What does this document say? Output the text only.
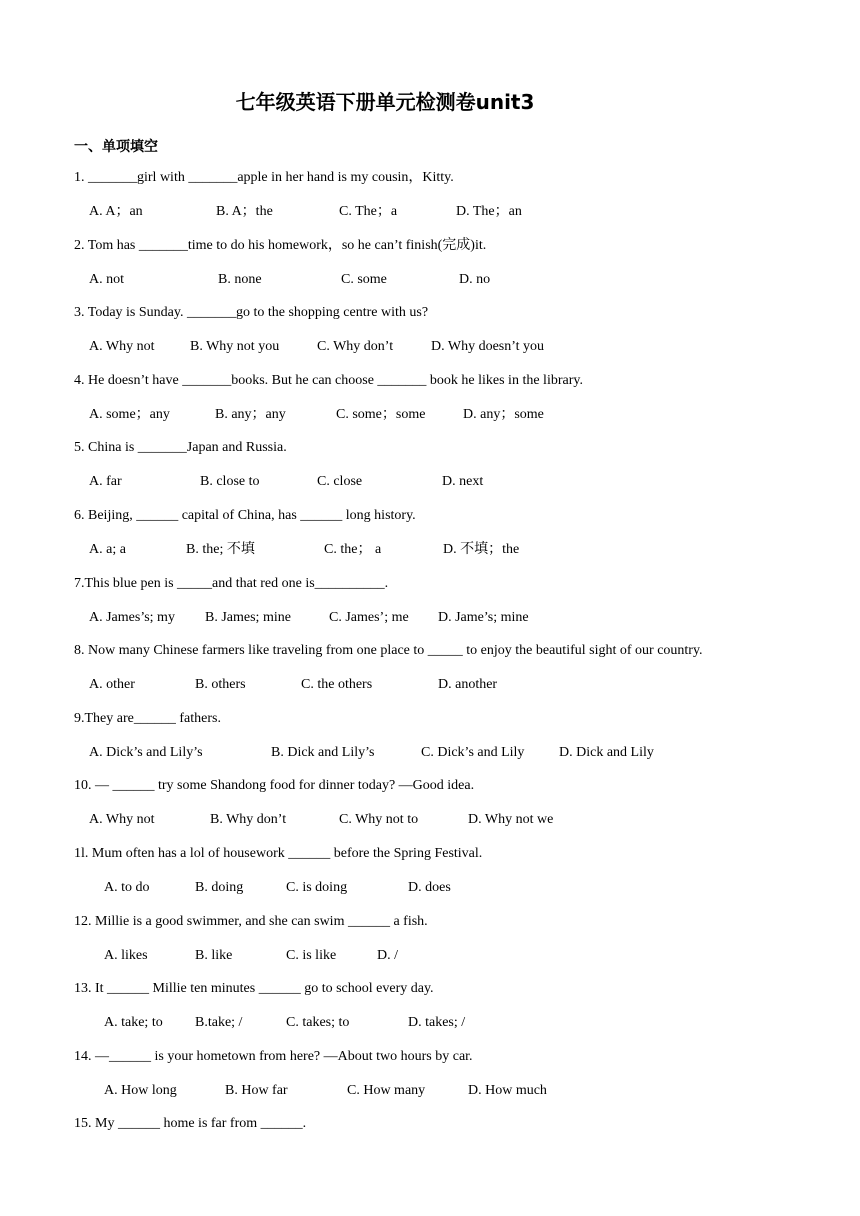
七年级英语下册单元检测卷unit3
一、单项填空
1. _______girl with _______apple in her hand is my cousin，Kitty.
A. A；an	B. A；the	C. The；a	D. The；an
2. Tom has _______time to do his homework，so he can’t finish(完成)it.
A. not	B. none	C. some	D. no
3. Today is Sunday. _______go to the shopping centre with us?
A. Why not	B. Why not you	C. Why don’t	D. Why doesn’t you
4. He doesn’t have _______books. But he can choose _______ book he likes in the library.
A. some；any	B. any；any	C. some；some	D. any；some
5. China is _______Japan and Russia.
A. far	B. close to	C. close	D. next
6. Beijing, ______ capital of China, has ______ long history.
A. a; a	B. the; 不填	C. the； a	D. 不填；the
7.This blue pen is _____and that red one is__________.
A. James’s; my B. James; mine	C. James’; me D. Jame’s; mine
8. Now many Chinese farmers like traveling from one place to _____ to enjoy the beautiful sight of our country.
A. other	B. others	C. the others	D. another
9.They are______ fathers.
A. Dick’s and Lily’s	B. Dick and Lily’s	C. Dick’s and Lily D. Dick and Lily
10. — ______ try some Shandong food for dinner today? —Good idea.
A. Why not	B. Why don’t	C. Why not to	D. Why not we
1l. Mum often has a lol of housework ______ before the Spring Festival.
A. to do	B. doing	C. is doing	D. does
12. Millie is a good swimmer, and she can swim ______ a fish.
A. likes	B. like	C. is like	D. /
13. It ______ Millie ten minutes ______ go to school every day.
A. take; to B.take; /	C. takes; to	D. takes; /
14. —______ is your hometown from here? —About two hours by car.
A. How long	B. How far	C. How many	D. How much
15. My ______ home is far from ______.
